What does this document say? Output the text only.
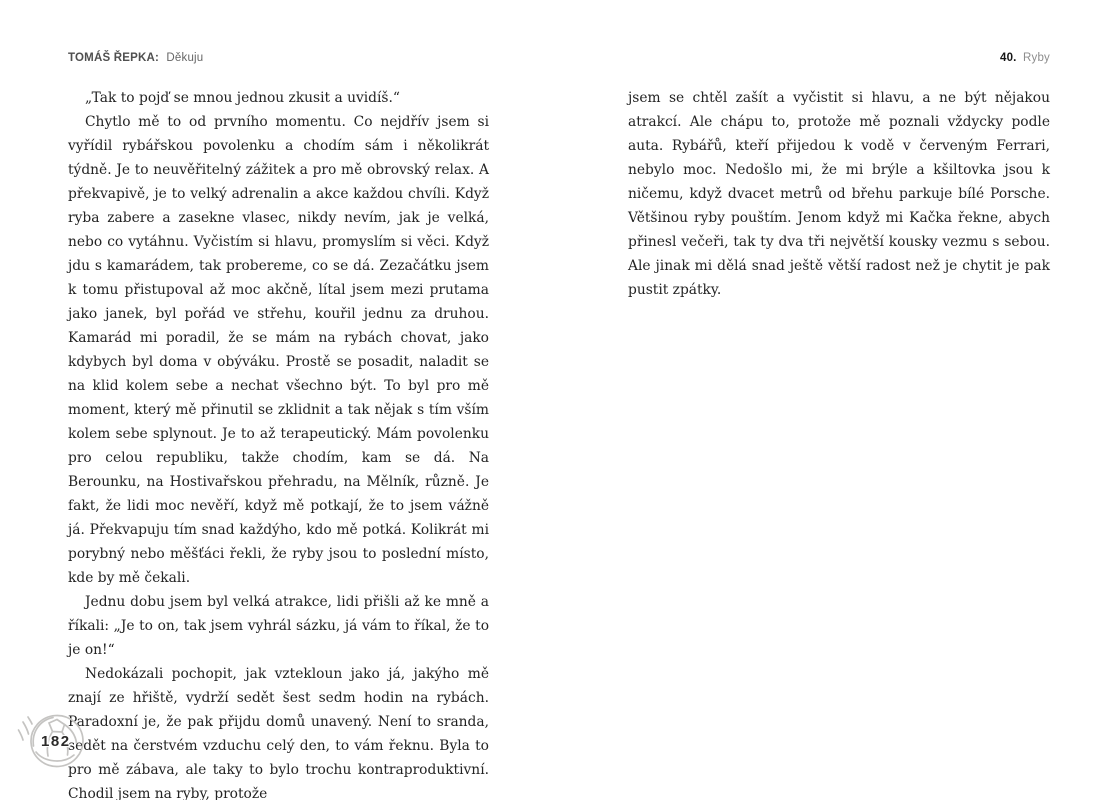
TOMÁŠ ŘEPKA: Děkuju	40. Ryby

„Tak to pojď se mnou jednou zkusit a uvidíš.“

Chytlo mě to od prvního momentu. Co nejdřív jsem si vyřídil rybářskou povolenku a chodím sám i několikrát týdně. Je to neuvěřitelný zážitek a pro mě obrovský relax. A překvapivě, je to velký adrenalin a akce každou chvíli. Když ryba zabere a zasekne vlasec, nikdy nevím, jak je velká, nebo co vytáhnu. Vyčistím si hlavu, promyslím si věci. Když jdu s kamarádem, tak probereme, co se dá. Zezačátku jsem k tomu přistupoval až moc akčně, lítal jsem mezi prutama jako janek, byl pořád ve střehu, kouřil jednu za druhou. Kamarád mi poradil, že se mám na rybách chovat, jako kdybych byl doma v obýváku. Prostě se posadit, naladit se na klid kolem sebe a nechat všechno být. To byl pro mě moment, který mě přinutil se zklidnit a tak nějak s tím vším kolem sebe splynout. Je to až terapeutický. Mám povolenku pro celou republiku, takže chodím, kam se dá. Na Berounku, na Hostivařskou přehradu, na Mělník, různě. Je fakt, že lidi moc nevěří, když mě potkají, že to jsem vážně já. Překvapuju tím snad každýho, kdo mě potká. Kolikrát mi porybný nebo měšťáci řekli, že ryby jsou to poslední místo, kde by mě čekali.

Jednu dobu jsem byl velká atrakce, lidi přišli až ke mně a říkali: „Je to on, tak jsem vyhrál sázku, já vám to říkal, že to je on!“

Nedokázali pochopit, jak vztekloun jako já, jakýho mě znají ze hřiště, vydrží sedět šest sedm hodin na rybách. Paradoxní je, že pak přijdu domů unavený. Není to sranda, sedět na čerstvém vzduchu celý den, to vám řeknu. Byla to pro mě zábava, ale taky to bylo trochu kontraproduktivní. Chodil jsem na ryby, protože

jsem se chtěl zašít a vyčistit si hlavu, a ne být nějakou atrakcí. Ale chápu to, protože mě poznali vždycky podle auta. Rybářů, kteří přijedou k vodě v červeným Ferrari, nebylo moc. Nedošlo mi, že mi brýle a kšiltovka jsou k ničemu, když dvacet metrů od břehu parkuje bílé Porsche. Většinou ryby pouštím. Jenom když mi Kačka řekne, abych přinesl večeři, tak ty dva tři největší kousky vezmu s sebou. Ale jinak mi dělá snad ještě větší radost než je chytit je pak pustit zpátky.

182
